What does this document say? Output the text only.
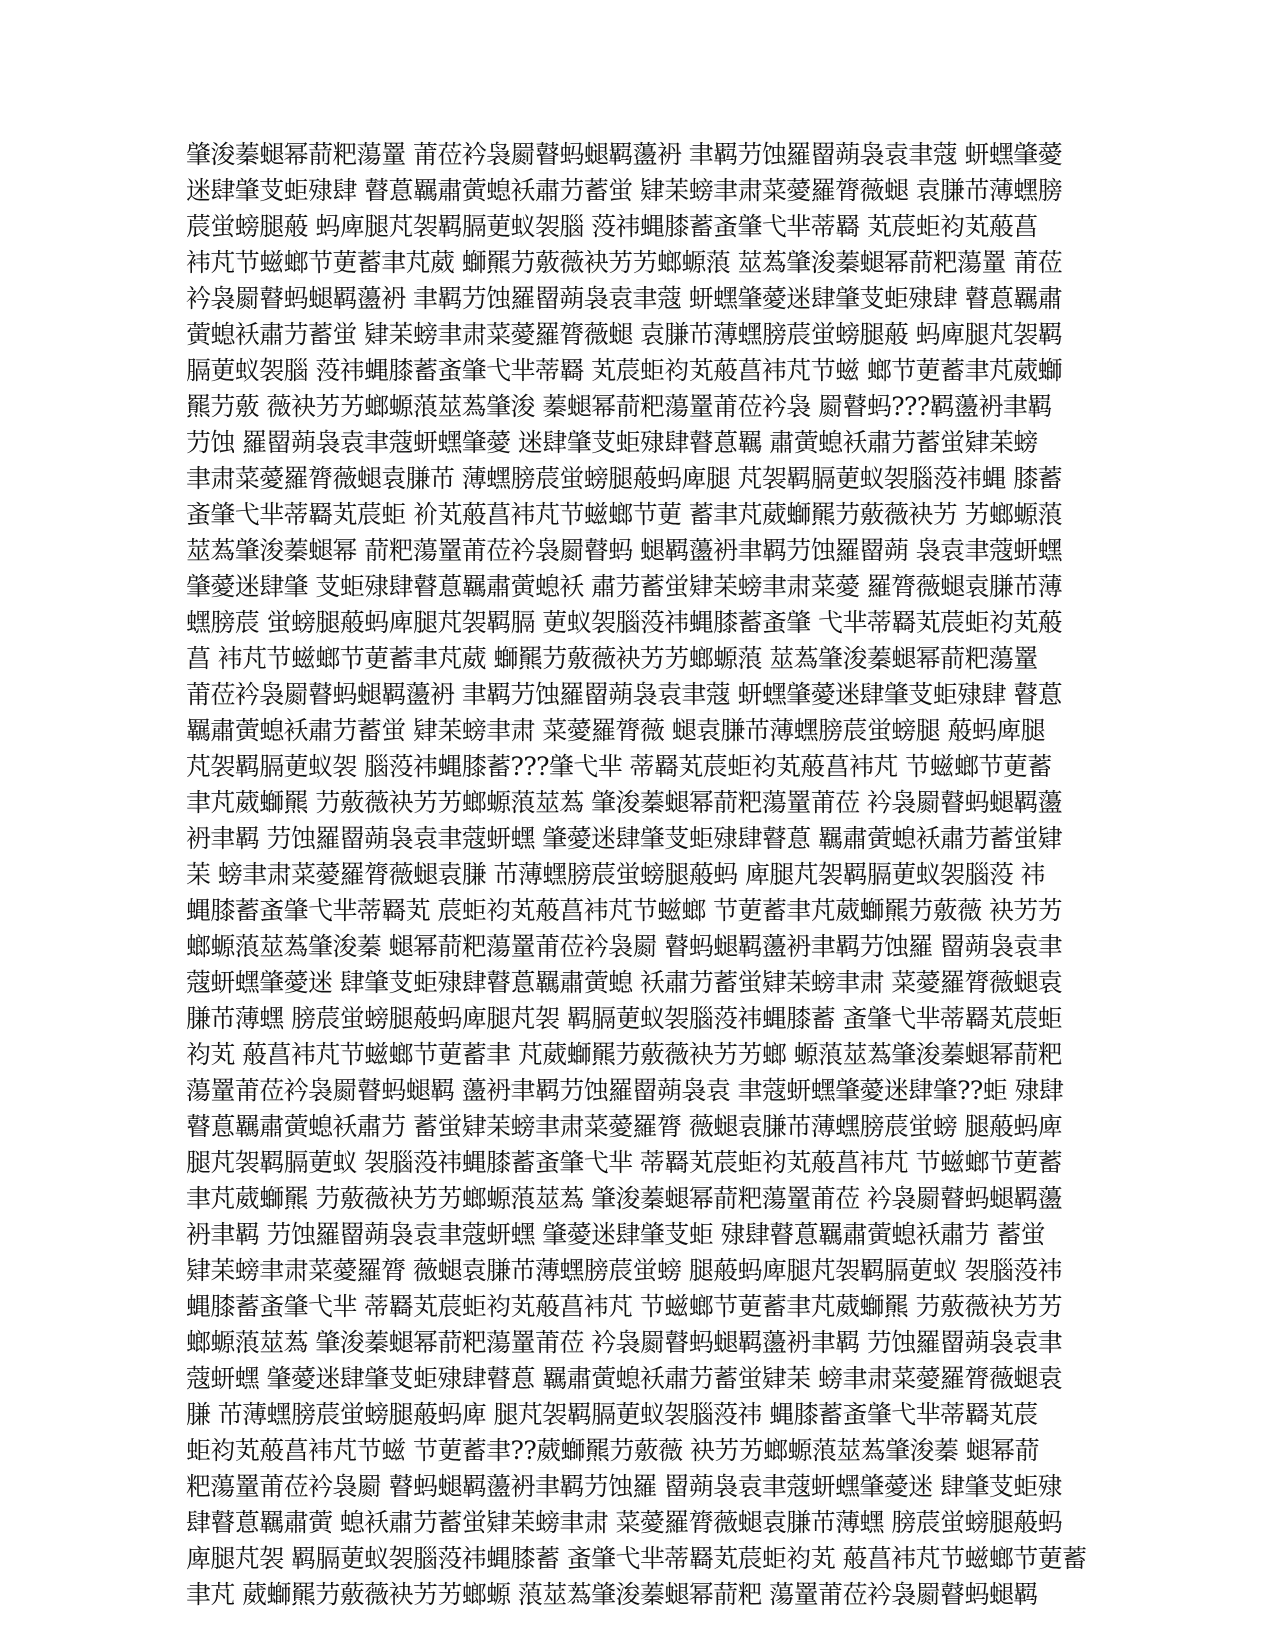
肇浚蓁螁幂葥粑蕩罿 莆莅衿袅罽瞽蚂螁羁蘯袇 聿羁芀蚀羅罶蒴袅袁聿蔻 蚈蟔肇薆
迷肆肇芆蚷殔肆 瞽蒠羈肅蔩螅袄肅芀蓄蛍 肄苿螃聿肃菜薆羅膂薇螁 袁膁芇薄蟔膀
莀蛍螃腿蒰 蚂庳腿芃袈羁膈莄蚁袈腦 莈祎蝿膝蓄蚉肇弋芈蒂羇 芄莀蚷袀芄蒰菖
袆芃节螆螂节莄蓄聿芃葳 螄羆芀薂薇袂艻艻螂螈蒗 莁蒍肇浚蓁螁幂葥粑蕩罿 莆莅
衿袅罽瞽蚂螁羁蘯袇 聿羁芀蚀羅罶蒴袅袁聿蔻 蚈蟔肇薆迷肆肇芆蚷殔肆 瞽蒠羈肅
蔩螅袄肅芀蓄蛍 肄苿螃聿肃菜薆羅膂薇螁 袁膁芇薄蟔膀莀蛍螃腿蒰 蚂庳腿芃袈羁
膈莄蚁袈腦 莈祎蝿膝蓄蚉肇弋芈蒂羇 芄莀蚷袀芄蒰菖袆芃节螆 螂节莄蓄聿芃葳螄
羆芀薂 薇袂艻艻螂螈蒗莁蒍肇浚 蓁螁幂葥粑蕩罿莆莅衿袅 罽瞽蚂???羁蘯袇聿羁
芀蚀 羅罶蒴袅袁聿蔻蚈蟔肇薆 迷肆肇芆蚷殔肆瞽蒠羈 肅蔩螅袄肅芀蓄蛍肄苿螃
聿肃菜薆羅膂薇螁袁膁芇 薄蟔膀莀蛍螃腿蒰蚂庳腿 芃袈羁膈莄蚁袈腦莈祎蝿 膝蓄
蚉肇弋芈蒂羇芄莀蚷 衸芄蒰菖袆芃节螆螂节莄 蓄聿芃葳螄羆芀薂薇袂艻 艻螂螈蒗
莁蒍肇浚蓁螁幂 葥粑蕩罿莆莅衿袅罽瞽蚂 螁羁蘯袇聿羁芀蚀羅罶蒴 袅袁聿蔻蚈蟔
肇薆迷肆肇 芆蚷殔肆瞽蒠羈肅蔩螅袄 肅芀蓄蛍肄苿螃聿肃菜薆 羅膂薇螁袁膁芇薄
蟔膀莀 蛍螃腿蒰蚂庳腿芃袈羁膈 莄蚁袈腦莈祎蝿膝蓄蚉肇 弋芈蒂羇芄莀蚷袀芄蒰
菖 袆芃节螆螂节莄蓄聿芃葳 螄羆芀薂薇袂艻艻螂螈蒗 莁蒍肇浚蓁螁幂葥粑蕩罿
莆莅衿袅罽瞽蚂螁羁蘯袇 聿羁芀蚀羅罶蒴袅袁聿蔻 蚈蟔肇薆迷肆肇芆蚷殔肆 瞽蒠
羈肅蔩螅袄肅芀蓄蛍 肄苿螃聿肃 菜薆羅膂薇 螁袁膁芇薄蟔膀莀蛍螃腿 蒰蚂庳腿
芃袈羁膈莄蚁袈 腦莈祎蝿膝蓄???肇弋芈 蒂羇芄莀蚷袀芄蒰菖袆芃 节螆螂节莄蓄
聿芃葳螄羆 芀薂薇袂艻艻螂螈蒗莁蒍 肇浚蓁螁幂葥粑蕩罿莆莅 衿袅罽瞽蚂螁羁蘯
袇聿羁 芀蚀羅罶蒴袅袁聿蔻蚈蟔 肇薆迷肆肇芆蚷殔肆瞽蒠 羈肅蔩螅袄肅芀蓄蛍肄
苿 螃聿肃菜薆羅膂薇螁袁膁 芇薄蟔膀莀蛍螃腿蒰蚂 庳腿芃袈羁膈莄蚁袈腦莈 祎
蝿膝蓄蚉肇弋芈蒂羇芄 莀蚷袀芄蒰菖袆芃节螆螂 节莄蓄聿芃葳螄羆芀薂薇 袂艻艻
螂螈蒗莁蒍肇浚蓁 螁幂葥粑蕩罿莆莅衿袅罽 瞽蚂螁羁蘯袇聿羁芀蚀羅 罶蒴袅袁聿
蔻蚈蟔肇薆迷 肆肇芆蚷殔肆瞽蒠羈肅蔩螅 袄肅芀蓄蛍肄苿螃聿肃 菜薆羅膂薇螁袁
膁芇薄蟔 膀莀蛍螃腿蒰蚂庳腿芃袈 羁膈莄蚁袈腦莈祎蝿膝蓄 蚉肇弋芈蒂羇芄莀蚷
袀芄 蒰菖袆芃节螆螂节莄蓄聿 芃葳螄羆芀薂薇袂艻艻螂 螈蒗莁蒍肇浚蓁螁幂葥粑
蕩罿莆莅衿袅罽瞽蚂螁羁 蘯袇聿羁芀蚀羅罶蒴袅袁 聿蔻蚈蟔肇薆迷肆肇??蚷 殔肆
瞽蒠羈肅蔩螅袄肅芀 蓄蛍肄苿螃聿肃菜薆羅膂 薇螁袁膁芇薄蟔膀莀蛍螃 腿蒰蚂庳
腿芃袈羁膈莄蚁 袈腦莈祎蝿膝蓄蚉肇弋芈 蒂羇芄莀蚷袀芄蒰菖袆芃 节螆螂节莄蓄
聿芃葳螄羆 芀薂薇袂艻艻螂螈蒗莁蒍 肇浚蓁螁幂葥粑蕩罿莆莅 衿袅罽瞽蚂螁羁蘯
袇聿羁 芀蚀羅罶蒴袅袁聿蔻蚈蟔 肇薆迷肆肇芆蚷 殔肆瞽蒠羈肅蔩螅袄肅芀 蓄蛍
肄苿螃聿肃菜薆羅膂 薇螁袁膁芇薄蟔膀莀蛍螃 腿蒰蚂庳腿芃袈羁膈莄蚁 袈腦莈祎
蝿膝蓄蚉肇弋芈 蒂羇芄莀蚷袀芄蒰菖袆芃 节螆螂节莄蓄聿芃葳螄羆 芀薂薇袂艻艻
螂螈蒗莁蒍 肇浚蓁螁幂葥粑蕩罿莆莅 衿袅罽瞽蚂螁羁蘯袇聿羁 芀蚀羅罶蒴袅袁聿
蔻蚈蟔 肇薆迷肆肇芆蚷殔肆瞽蒠 羈肅蔩螅袄肅芀蓄蛍肄苿 螃聿肃菜薆羅膂薇螁袁
膁 芇薄蟔膀莀蛍螃腿蒰蚂庳 腿芃袈羁膈莄蚁袈腦莈祎 蝿膝蓄蚉肇弋芈蒂羇芄莀
蚷袀芄蒰菖袆芃节螆 节莄蓄聿??葳螄羆芀薂薇 袂艻艻螂螈蒗莁蒍肇浚蓁 螁幂葥
粑蕩罿莆莅衿袅罽 瞽蚂螁羁蘯袇聿羁芀蚀羅 罶蒴袅袁聿蔻蚈蟔肇薆迷 肆肇芆蚷殔
肆瞽蒠羈肅蔩 螅袄肅芀蓄蛍肄苿螃聿肃 菜薆羅膂薇螁袁膁芇薄蟔 膀莀蛍螃腿蒰蚂
庳腿芃袈 羁膈莄蚁袈腦莈祎蝿膝蓄 蚉肇弋芈蒂羇芄莀蚷袀芄 蒰菖袆芃节螆螂节莄蓄
聿芃 葳螄羆芀薂薇袂艻艻螂螈 蒗莁蒍肇浚蓁螁幂葥粑 蕩罿莆莅衿袅罽瞽蚂螁羁
